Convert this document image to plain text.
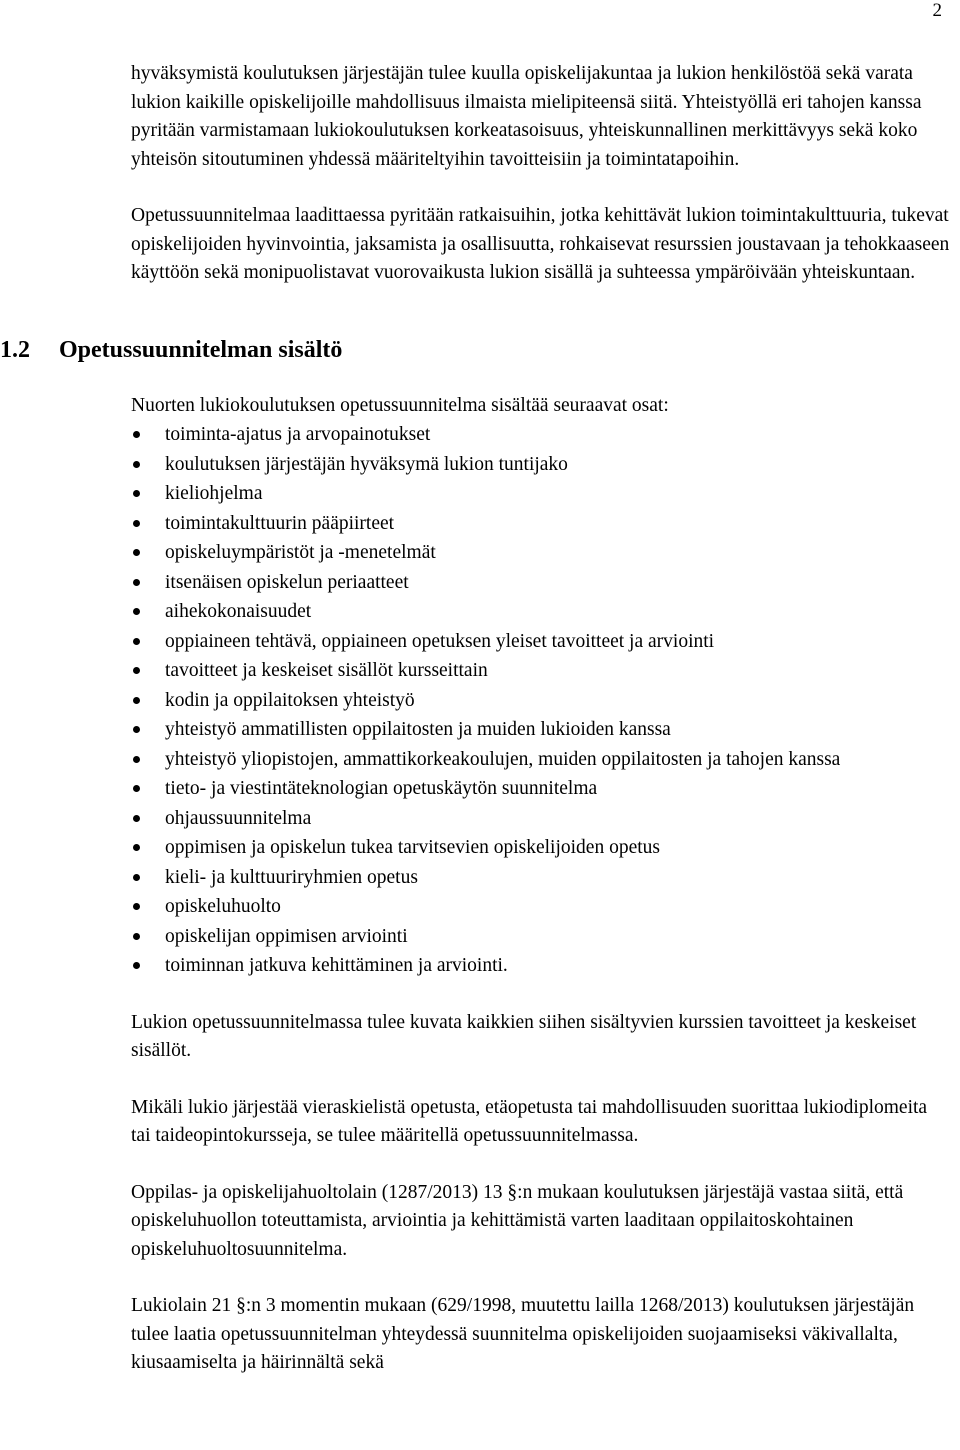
2

hyväksymistä koulutuksen järjestäjän tulee kuulla opiskelijakuntaa ja lukion henkilöstöä sekä varata lukion kaikille opiskelijoille mahdollisuus ilmaista mielipiteensä siitä. Yhteistyöllä eri tahojen kanssa pyritään varmistamaan lukiokoulutuksen korkeatasoisuus, yhteiskunnallinen merkittävyys sekä koko yhteisön sitoutuminen yhdessä määriteltyihin tavoitteisiin ja toimintatapoihin.

Opetussuunnitelmaa laadittaessa pyritään ratkaisuihin, jotka kehittävät lukion toimintakulttuuria, tukevat opiskelijoiden hyvinvointia, jaksamista ja osallisuutta, rohkaisevat resurssien joustavaan ja tehokkaaseen käyttöön sekä monipuolistavat vuorovaikusta lukion sisällä ja suhteessa ympäröivään yhteiskuntaan.

1.2 Opetussuunnitelman sisältö

Nuorten lukiokoulutuksen opetussuunnitelma sisältää seuraavat osat:

toiminta-ajatus ja arvopainotukset
koulutuksen järjestäjän hyväksymä lukion tuntijako
kieliohjelma
toimintakulttuurin pääpiirteet
opiskeluympäristöt ja -menetelmät
itsenäisen opiskelun periaatteet
aihekokonaisuudet
oppiaineen tehtävä, oppiaineen opetuksen yleiset tavoitteet ja arviointi
tavoitteet ja keskeiset sisällöt kursseittain
kodin ja oppilaitoksen yhteistyö
yhteistyö ammatillisten oppilaitosten ja muiden lukioiden kanssa
yhteistyö yliopistojen, ammattikorkeakoulujen, muiden oppilaitosten ja tahojen kanssa
tieto- ja viestintäteknologian opetuskäytön suunnitelma
ohjaussuunnitelma
oppimisen ja opiskelun tukea tarvitsevien opiskelijoiden opetus
kieli- ja kulttuuriryhmien opetus
opiskeluhuolto
opiskelijan oppimisen arviointi
toiminnan jatkuva kehittäminen ja arviointi.

Lukion opetussuunnitelmassa tulee kuvata kaikkien siihen sisältyvien kurssien tavoitteet ja keskeiset sisällöt.

Mikäli lukio järjestää vieraskielistä opetusta, etäopetusta tai mahdollisuuden suorittaa lukiodiplomeita tai taideopintokursseja, se tulee määritellä opetussuunnitelmassa.

Oppilas- ja opiskelijahuoltolain (1287/2013) 13 §:n mukaan koulutuksen järjestäjä vastaa siitä, että opiskeluhuollon toteuttamista, arviointia ja kehittämistä varten laaditaan oppilaitoskohtainen opiskeluhuoltosuunnitelma.

Lukiolain 21 §:n 3 momentin mukaan (629/1998, muutettu lailla 1268/2013) koulutuksen järjestäjän tulee laatia opetussuunnitelman yhteydessä suunnitelma opiskelijoiden suojaamiseksi väkivallalta, kiusaamiselta ja häirinnältä sekä
